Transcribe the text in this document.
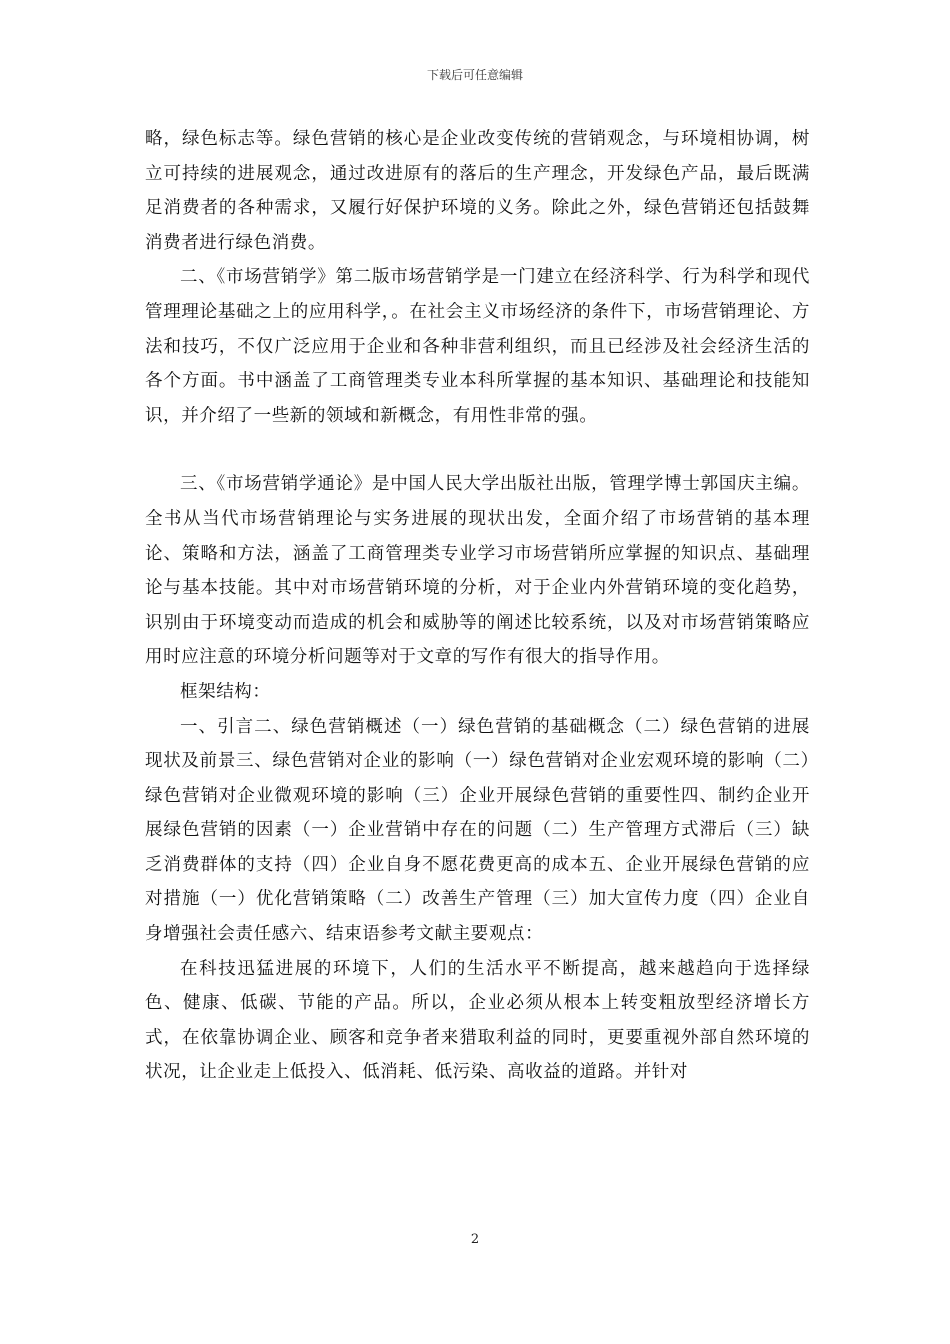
下载后可任意编辑

略，绿色标志等。绿色营销的核心是企业改变传统的营销观念，与环境相协调，树立可持续的进展观念，通过改进原有的落后的生产理念，开发绿色产品，最后既满足消费者的各种需求，又履行好保护环境的义务。除此之外，绿色营销还包括鼓舞消费者进行绿色消费。

二、《市场营销学》第二版市场营销学是一门建立在经济科学、行为科学和现代管理理论基础之上的应用科学，。在社会主义市场经济的条件下，市场营销理论、方法和技巧，不仅广泛应用于企业和各种非营利组织，而且已经涉及社会经济生活的各个方面。书中涵盖了工商管理类专业本科所掌握的基本知识、基础理论和技能知识，并介绍了一些新的领域和新概念，有用性非常的强。

三、《市场营销学通论》是中国人民大学出版社出版，管理学博士郭国庆主编。全书从当代市场营销理论与实务进展的现状出发，全面介绍了市场营销的基本理论、策略和方法，涵盖了工商管理类专业学习市场营销所应掌握的知识点、基础理论与基本技能。其中对市场营销环境的分析，对于企业内外营销环境的变化趋势，识别由于环境变动而造成的机会和威胁等的阐述比较系统，以及对市场营销策略应用时应注意的环境分析问题等对于文章的写作有很大的指导作用。

框架结构：

一、引言二、绿色营销概述（一）绿色营销的基础概念（二）绿色营销的进展现状及前景三、绿色营销对企业的影响（一）绿色营销对企业宏观环境的影响（二）绿色营销对企业微观环境的影响（三）企业开展绿色营销的重要性四、制约企业开展绿色营销的因素（一）企业营销中存在的问题（二）生产管理方式滞后（三）缺乏消费群体的支持（四）企业自身不愿花费更高的成本五、企业开展绿色营销的应对措施（一）优化营销策略（二）改善生产管理（三）加大宣传力度（四）企业自身增强社会责任感六、结束语参考文献主要观点：

在科技迅猛进展的环境下，人们的生活水平不断提高，越来越趋向于选择绿色、健康、低碳、节能的产品。所以，企业必须从根本上转变粗放型经济增长方式，在依靠协调企业、顾客和竞争者来猎取利益的同时，更要重视外部自然环境的状况，让企业走上低投入、低消耗、低污染、高收益的道路。并针对

2
